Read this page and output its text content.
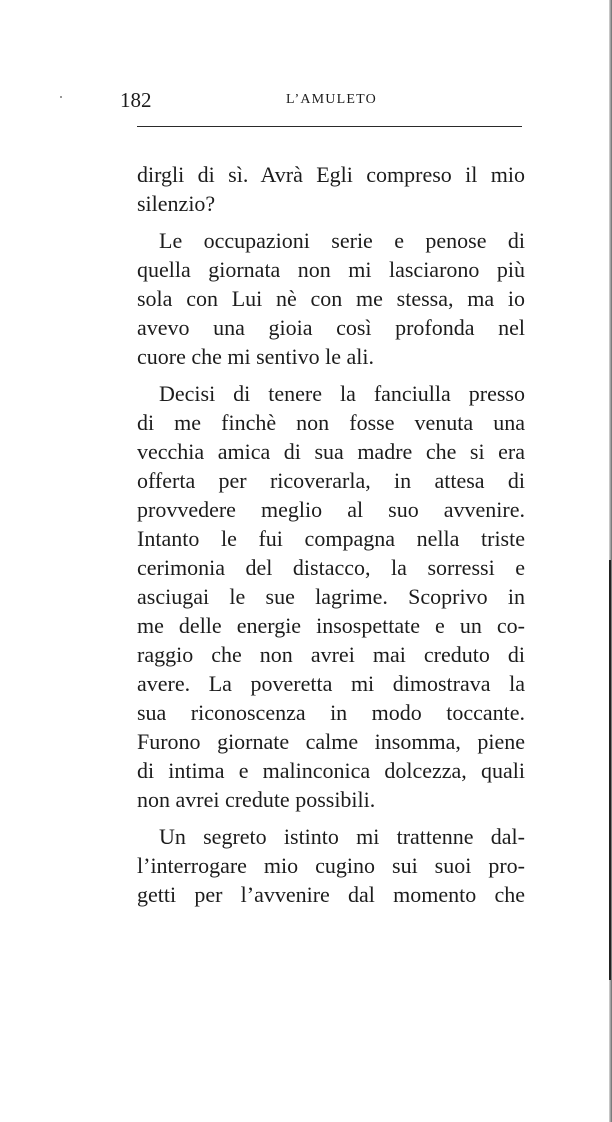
182	L’AMULETO
dirgli di sì. Avrà Egli compreso il mio
silenzio?
Le occupazioni serie e penose di
quella giornata non mi lasciarono più
sola con Lui nè con me stessa, ma io
avevo una gioia così profonda nel
cuore che mi sentivo le ali.
Decisi di tenere la fanciulla presso
di me finchè non fosse venuta una
vecchia amica di sua madre che si era
offerta per ricoverarla, in attesa di
provvedere meglio al suo avvenire.
Intanto le fui compagna nella triste
cerimonia del distacco, la sorressi e
asciugai le sue lagrime. Scoprivo in
me delle energie insospettate e un co-
raggio che non avrei mai creduto di
avere. La poveretta mi dimostrava la
sua riconoscenza in modo toccante.
Furono giornate calme insomma, piene
di intima e malinconica dolcezza, quali
non avrei credute possibili.
Un segreto istinto mi trattenne dal-
l’interrogare mio cugino sui suoi pro-
getti per l’avvenire dal momento che
